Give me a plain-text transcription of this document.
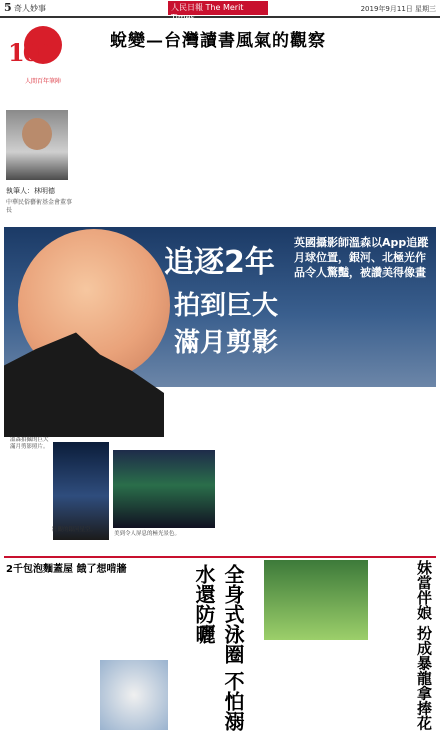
5 奇人妙事	人民日報 The Merit Times
2019年9月11日 星期三
100
人間百年筆陣
蛻變—台灣讀書風氣的觀察
執筆人：林明德
中華民俗藝術基金會董事長
追逐2年
拍到巨大滿月剪影
英國攝影師溫森以App追蹤月球位置，銀河、北極光作品令人驚豔，被讚美得像畫
溫森拍攝的巨大滿月剪影照片。
壯觀的銀河星空。
美到令人屏息的極光景色。
2千包泡麵蓋屋 餓了想啃牆	全身式泳圈 不怕溺水還防曬	妹當伴娘 扮成暴龍拿捧花
